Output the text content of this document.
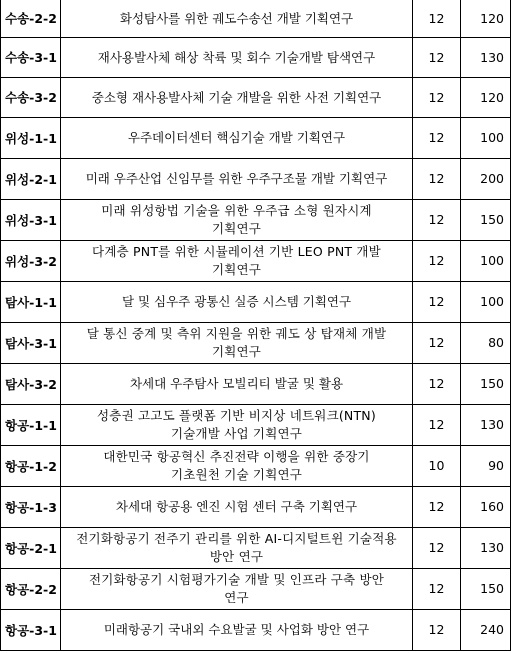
수송-2-2	화성탐사를 위한 궤도수송선 개발 기획연구	12	120
수송-3-1	재사용발사체 해상 착륙 및 회수 기술개발 탐색연구	12	130
수송-3-2	중소형 재사용발사체 기술 개발을 위한 사전 기획연구	12	120
위성-1-1	우주데이터센터 핵심기술 개발 기획연구	12	100
위성-2-1	미래 우주산업 신임무를 위한 우주구조물 개발 기획연구	12	200
위성-3-1	미래 위성항법 기술을 위한 우주급 소형 원자시계
기획연구	12	150
위성-3-2	다계층 PNT를 위한 시뮬레이션 기반 LEO PNT 개발
기획연구	12	100
탐사-1-1	달 및 심우주 광통신 실증 시스템 기획연구	12	100
탐사-3-1	달 통신 중계 및 측위 지원을 위한 궤도 상 탑재체 개발
기획연구	12	80
탐사-3-2	차세대 우주탐사 모빌리티 발굴 및 활용	12	150
항공-1-1	성층권 고고도 플랫폼 기반 비지상 네트워크(NTN)
기술개발 사업 기획연구	12	130
항공-1-2	대한민국 항공혁신 추진전략 이행을 위한 중장기
기초원천 기술 기획연구	10	90
항공-1-3	차세대 항공용 엔진 시험 센터 구축 기획연구	12	160
항공-2-1	전기화항공기 전주기 관리를 위한 AI-디지털트윈 기술적용
방안 연구	12	130
항공-2-2	전기화항공기 시험평가기술 개발 및 인프라 구축 방안
연구	12	150
항공-3-1	미래항공기 국내외 수요발굴 및 사업화 방안 연구	12	240
